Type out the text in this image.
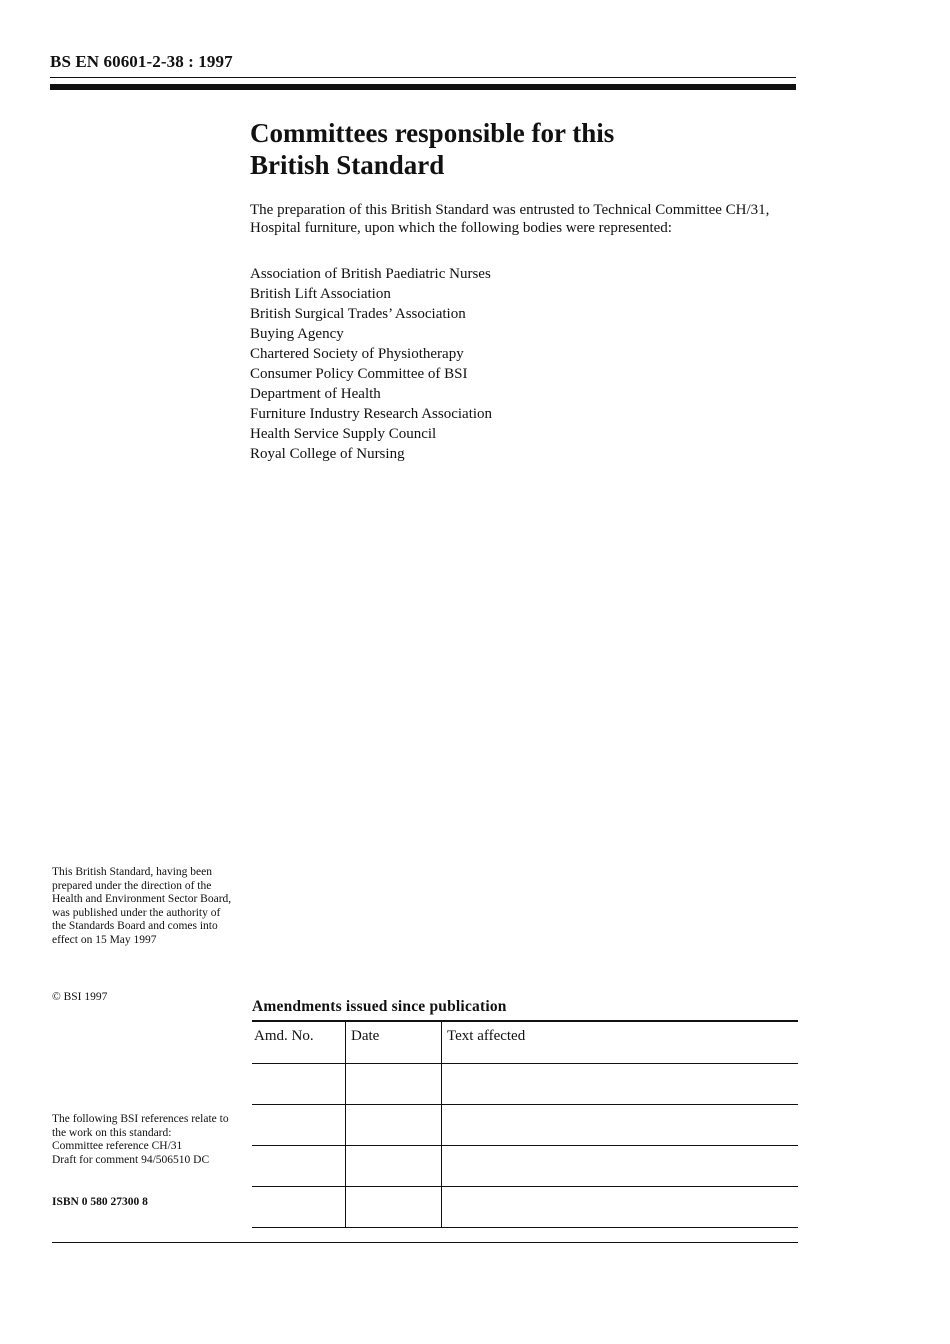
BS EN 60601-2-38 : 1997
Committees responsible for this
British Standard

The preparation of this British Standard was entrusted to Technical Committee CH/31, Hospital furniture, upon which the following bodies were represented:

Association of British Paediatric Nurses
British Lift Association
British Surgical Trades’ Association
Buying Agency
Chartered Society of Physiotherapy
Consumer Policy Committee of BSI
Department of Health
Furniture Industry Research Association
Health Service Supply Council
Royal College of Nursing

This British Standard, having been prepared under the direction of the Health and Environment Sector Board, was published under the authority of the Standards Board and comes into effect on 15 May 1997

© BSI 1997

The following BSI references relate to the work on this standard:
Committee reference CH/31
Draft for comment 94/506510 DC

ISBN 0 580 27300 8

Amendments issued since publication
Amd. No.	Date	Text affected
